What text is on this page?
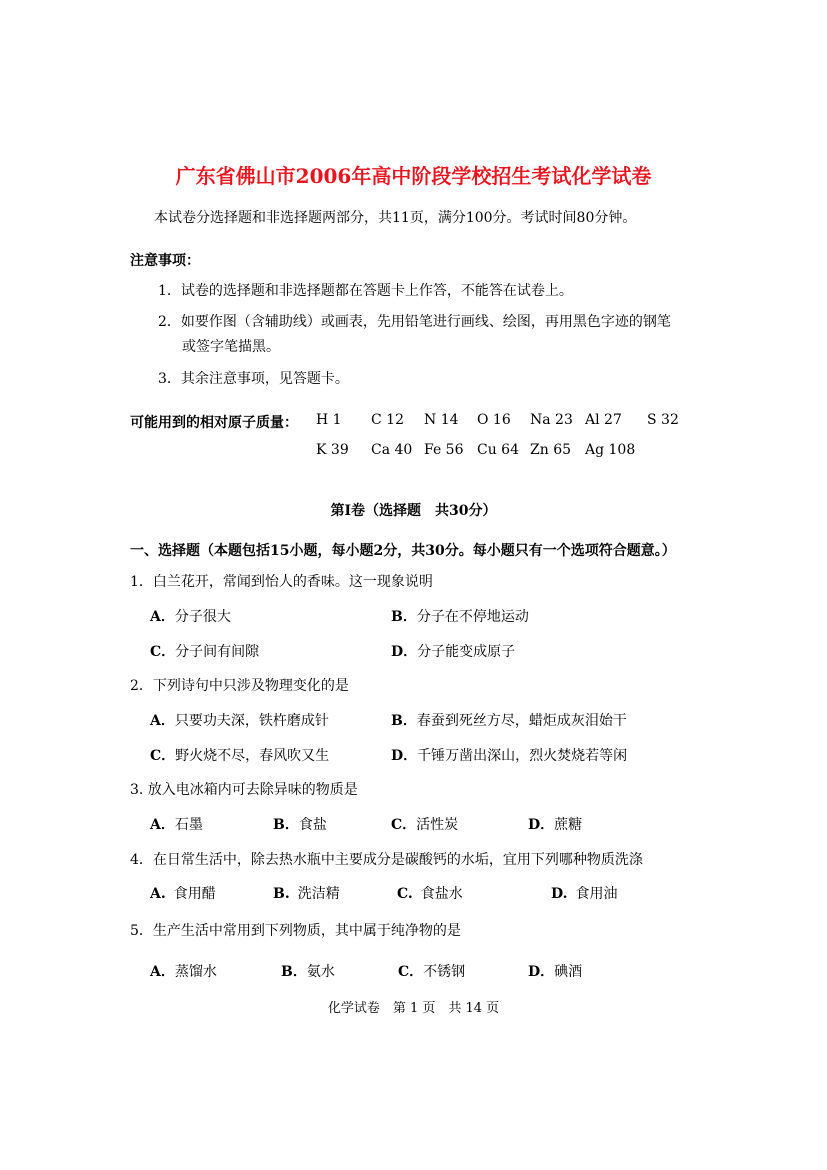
广东省佛山市2006年高中阶段学校招生考试化学试卷
本试卷分选择题和非选择题两部分，共11页，满分100分。考试时间80分钟。
注意事项：
1．试卷的选择题和非选择题都在答题卡上作答，不能答在试卷上。
2．如要作图（含辅助线）或画表，先用铅笔进行画线、绘图，再用黑色字迹的钢笔
或签字笔描黑。
3．其余注意事项，见答题卡。
可能用到的相对原子质量： H 1 C 12 N 14 O 16 Na 23 Al 27 S 32
K 39 Ca 40 Fe 56 Cu 64 Zn 65 Ag 108
第I卷（选择题　共30分）
一、选择题（本题包括15小题，每小题2分，共30分。每小题只有一个选项符合题意。）
1．白兰花开，常闻到怡人的香味。这一现象说明
A．分子很大	B．分子在不停地运动
C．分子间有间隙	D．分子能变成原子
2．下列诗句中只涉及物理变化的是
A．只要功夫深，铁杵磨成针	B．春蚕到死丝方尽，蜡炬成灰泪始干
C．野火烧不尽，春风吹又生	D．千锤万凿出深山，烈火焚烧若等闲
3. 放入电冰箱内可去除异味的物质是
A．石墨	B．食盐	C．活性炭	D．蔗糖
4．在日常生活中，除去热水瓶中主要成分是碳酸钙的水垢，宜用下列哪种物质洗涤
A. 食用醋	B. 洗洁精	C. 食盐水	D. 食用油
5．生产生活中常用到下列物质，其中属于纯净物的是
A．蒸馏水	B．氨水	C．不锈钢	D．碘酒
化学试卷　第 1 页　共 14 页
